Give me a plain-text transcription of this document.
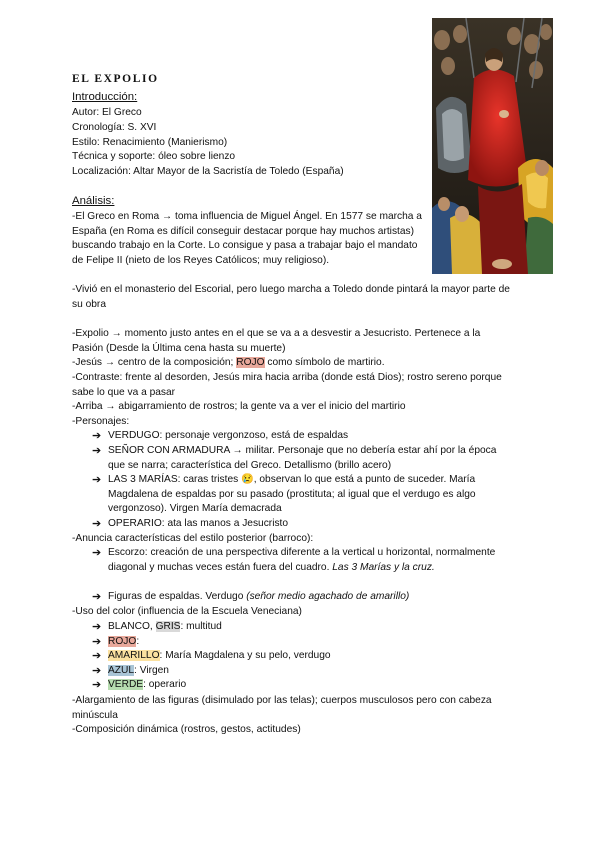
EL EXPOLIO
Introducción:
Autor: El Greco
Cronología: S. XVI
Estilo: Renacimiento (Manierismo)
Técnica y soporte: óleo sobre lienzo
Localización: Altar Mayor de la Sacristía de Toledo (España)
Análisis:
-El Greco en Roma → toma influencia de Miguel Ángel. En 1577 se marcha a España (en Roma es difícil conseguir destacar porque hay muchos artistas) buscando trabajo en la Corte. Lo consigue y pasa a trabajar bajo el mandato de Felipe II (nieto de los Reyes Católicos; muy religioso).
-Vivió en el monasterio del Escorial, pero luego marcha a Toledo donde pintará la mayor parte de su obra
-Expolio → momento justo antes en el que se va a a desvestir a Jesucristo. Pertenece a la Pasión (Desde la Última cena hasta su muerte)
-Jesús → centro de la composición; ROJO como símbolo de martirio.
-Contraste: frente al desorden, Jesús mira hacia arriba (donde está Dios); rostro sereno porque sabe lo que va a pasar
-Arriba → abigarramiento de rostros; la gente va a ver el inicio del martirio
-Personajes:
➔ VERDUGO: personaje vergonzoso, está de espaldas
➔ SEÑOR CON ARMADURA → militar. Personaje que no debería estar ahí por la época que se narra; característica del Greco. Detallismo (brillo acero)
➔ LAS 3 MARÍAS: caras tristes 😢, observan lo que está a punto de suceder. María Magdalena de espaldas por su pasado (prostituta; al igual que el verdugo es algo vergonzoso). Virgen María demacrada
➔ OPERARIO: ata las manos a Jesucristo
-Anuncia características del estilo posterior (barroco):
➔ Escorzo: creación de una perspectiva diferente a la vertical u horizontal, normalmente diagonal y muchas veces están fuera del cuadro. Las 3 Marías y la cruz.
➔ Figuras de espaldas. Verdugo (señor medio agachado de amarillo)
-Uso del color (influencia de la Escuela Veneciana)
➔ BLANCO, GRIS: multitud
➔ ROJO:
➔ AMARILLO: María Magdalena y su pelo, verdugo
➔ AZUL: Virgen
➔ VERDE: operario
-Alargamiento de las figuras (disimulado por las telas); cuerpos musculosos pero con cabeza minúscula
-Composición dinámica (rostros, gestos, actitudes)
